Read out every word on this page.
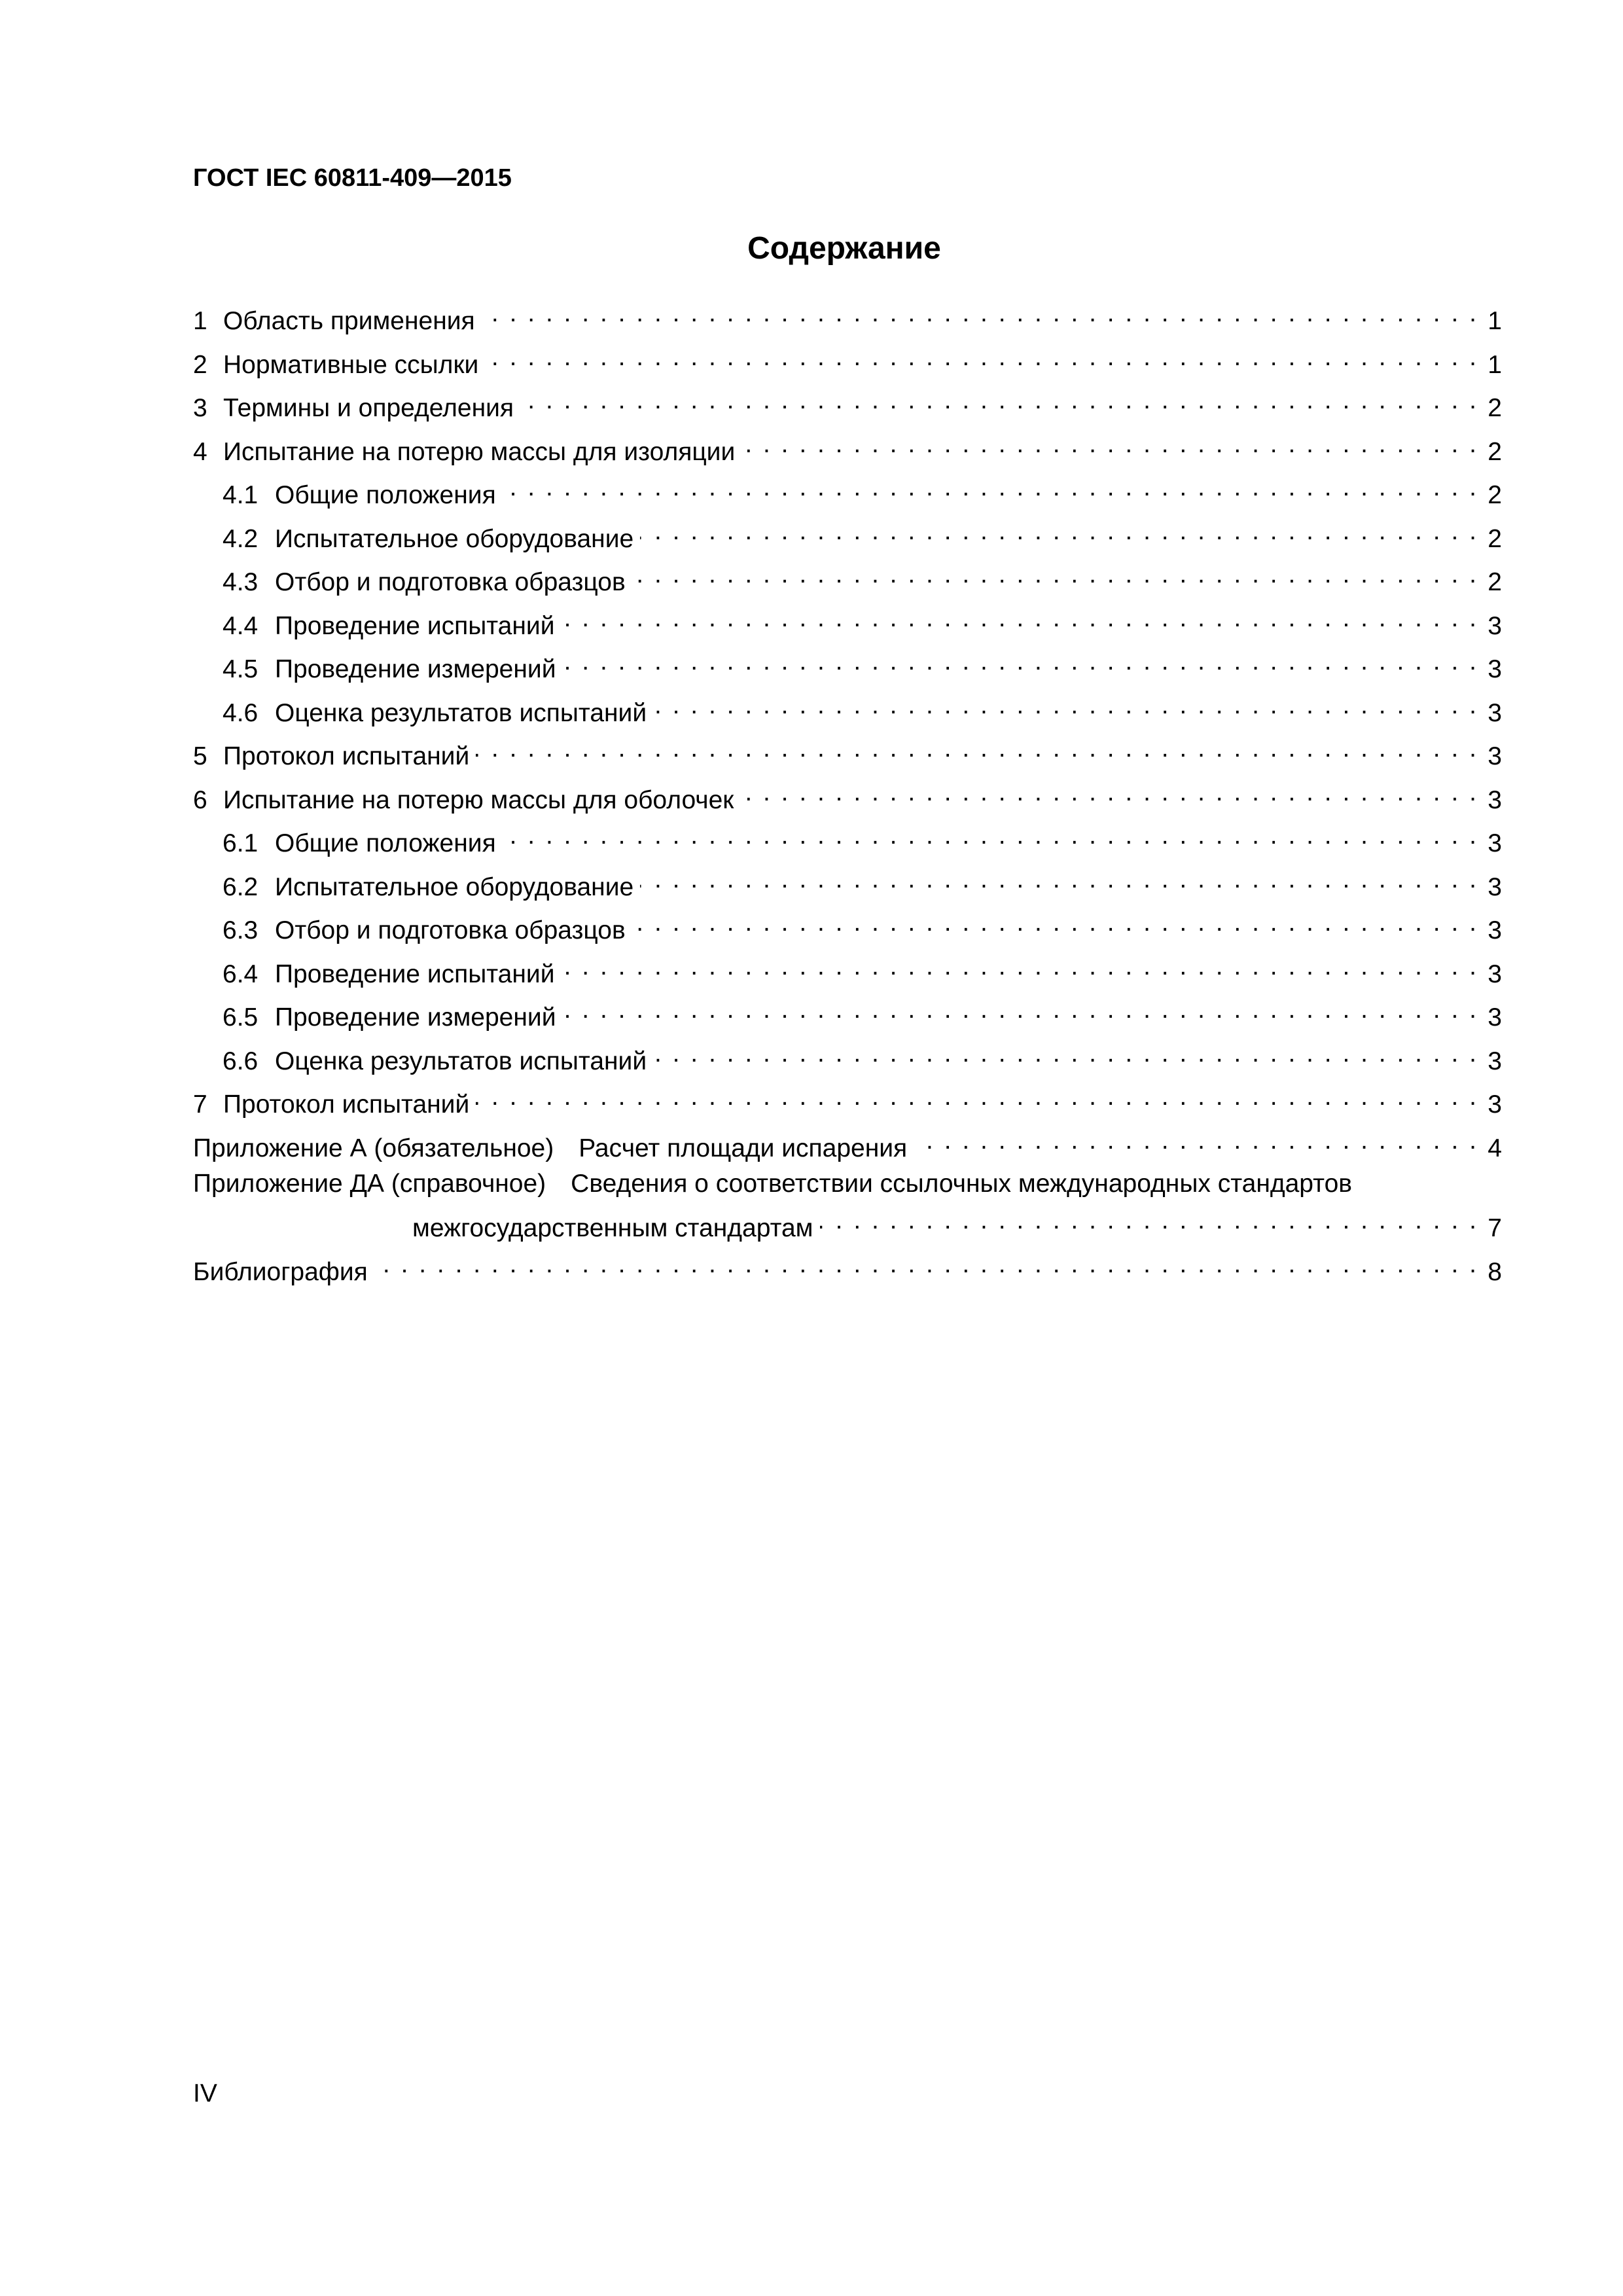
ГОСТ IEC 60811-409—2015
Содержание
1 Область применения . . .	1
2 Нормативные ссылки . . .	1
3 Термины и определения . . .	2
4 Испытание на потерю массы для изоляции . . .	2
4.1 Общие положения . . .	2
4.2 Испытательное оборудование . . .	2
4.3 Отбор и подготовка образцов . . .	2
4.4 Проведение испытаний . . .	3
4.5 Проведение измерений . . .	3
4.6 Оценка результатов испытаний . . .	3
5 Протокол испытаний . . .	3
6 Испытание на потерю массы для оболочек . . .	3
6.1 Общие положения . . .	3
6.2 Испытательное оборудование . . .	3
6.3 Отбор и подготовка образцов . . .	3
6.4 Проведение испытаний . . .	3
6.5 Проведение измерений . . .	3
6.6 Оценка результатов испытаний . . .	3
7 Протокол испытаний . . .	3
Приложение А (обязательное) Расчет площади испарения . . .	4
Приложение ДА (справочное) Сведения о соответствии ссылочных международных стандартов
межгосударственным стандартам . . .	7
Библиография . . .	8
IV
